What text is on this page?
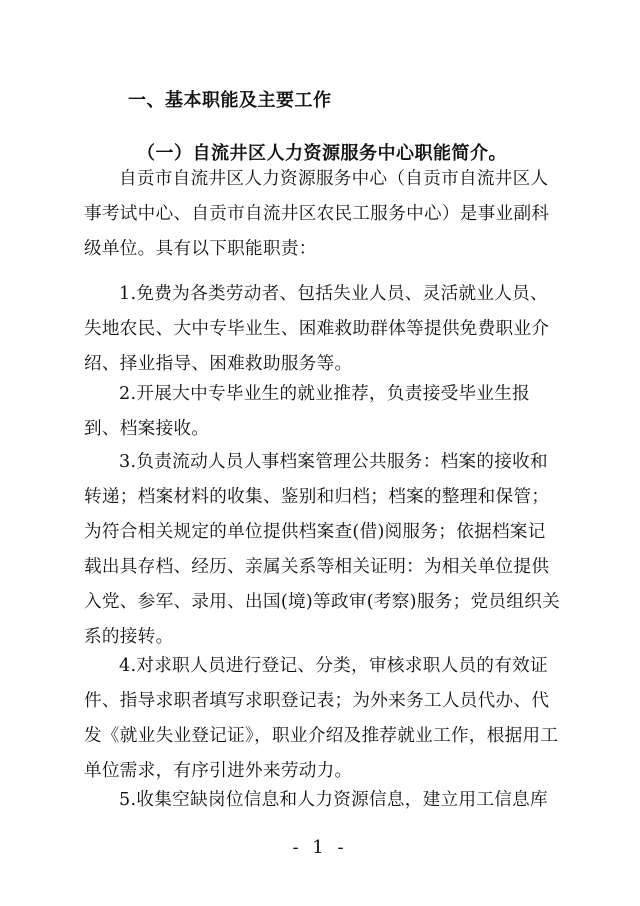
一、基本职能及主要工作
（一）自流井区人力资源服务中心职能简介。

自贡市自流井区人力资源服务中心（自贡市自流井区人事考试中心、自贡市自流井区农民工服务中心）是事业副科级单位。具有以下职能职责：

1.免费为各类劳动者、包括失业人员、灵活就业人员、失地农民、大中专毕业生、困难救助群体等提供免费职业介绍、择业指导、困难救助服务等。

2.开展大中专毕业生的就业推荐，负责接受毕业生报到、档案接收。

3.负责流动人员人事档案管理公共服务：档案的接收和转递；档案材料的收集、鉴别和归档；档案的整理和保管； 为符合相关规定的单位提供档案查(借)阅服务；依据档案记载出具存档、经历、亲属关系等相关证明：为相关单位提供入党、参军、录用、出国(境)等政审(考察)服务；党员组织关系的接转。

4.对求职人员进行登记、分类，审核求职人员的有效证件、指导求职者填写求职登记表；为外来务工人员代办、代发《就业失业登记证》，职业介绍及推荐就业工作，根据用工单位需求，有序引进外来劳动力。

5.收集空缺岗位信息和人力资源信息，建立用工信息库

- 1 -
